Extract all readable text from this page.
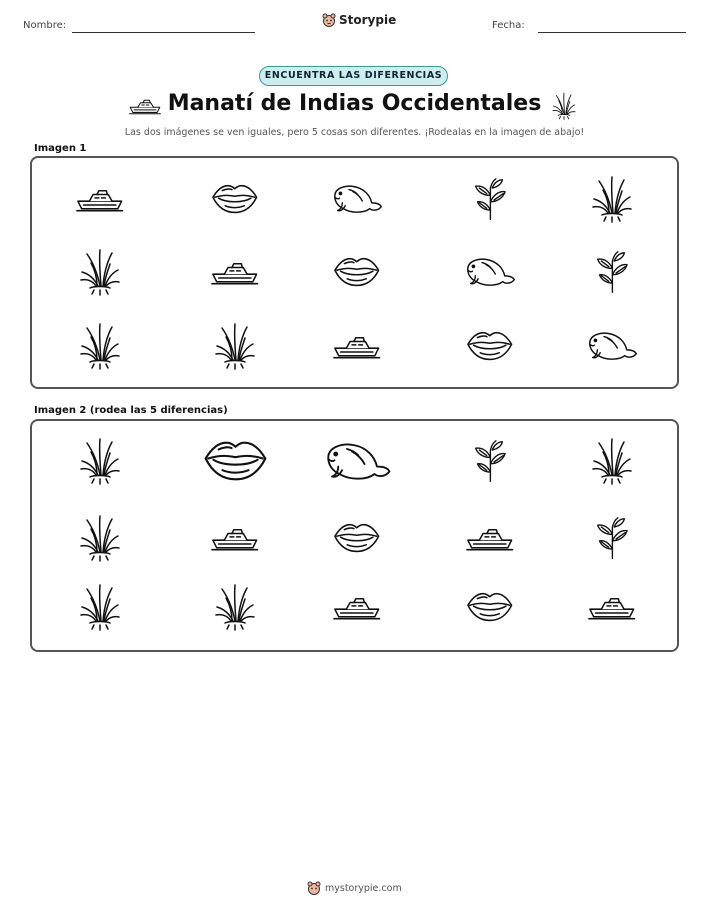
Nombre:	Storypie	Fecha:
ENCUENTRA LAS DIFERENCIAS
Manatí de Indias Occidentales
Las dos imágenes se ven iguales, pero 5 cosas son diferentes. ¡Rodealas en la imagen de abajo!
Imagen 1
Imagen 2 (rodea las 5 diferencias)
mystorypie.com
